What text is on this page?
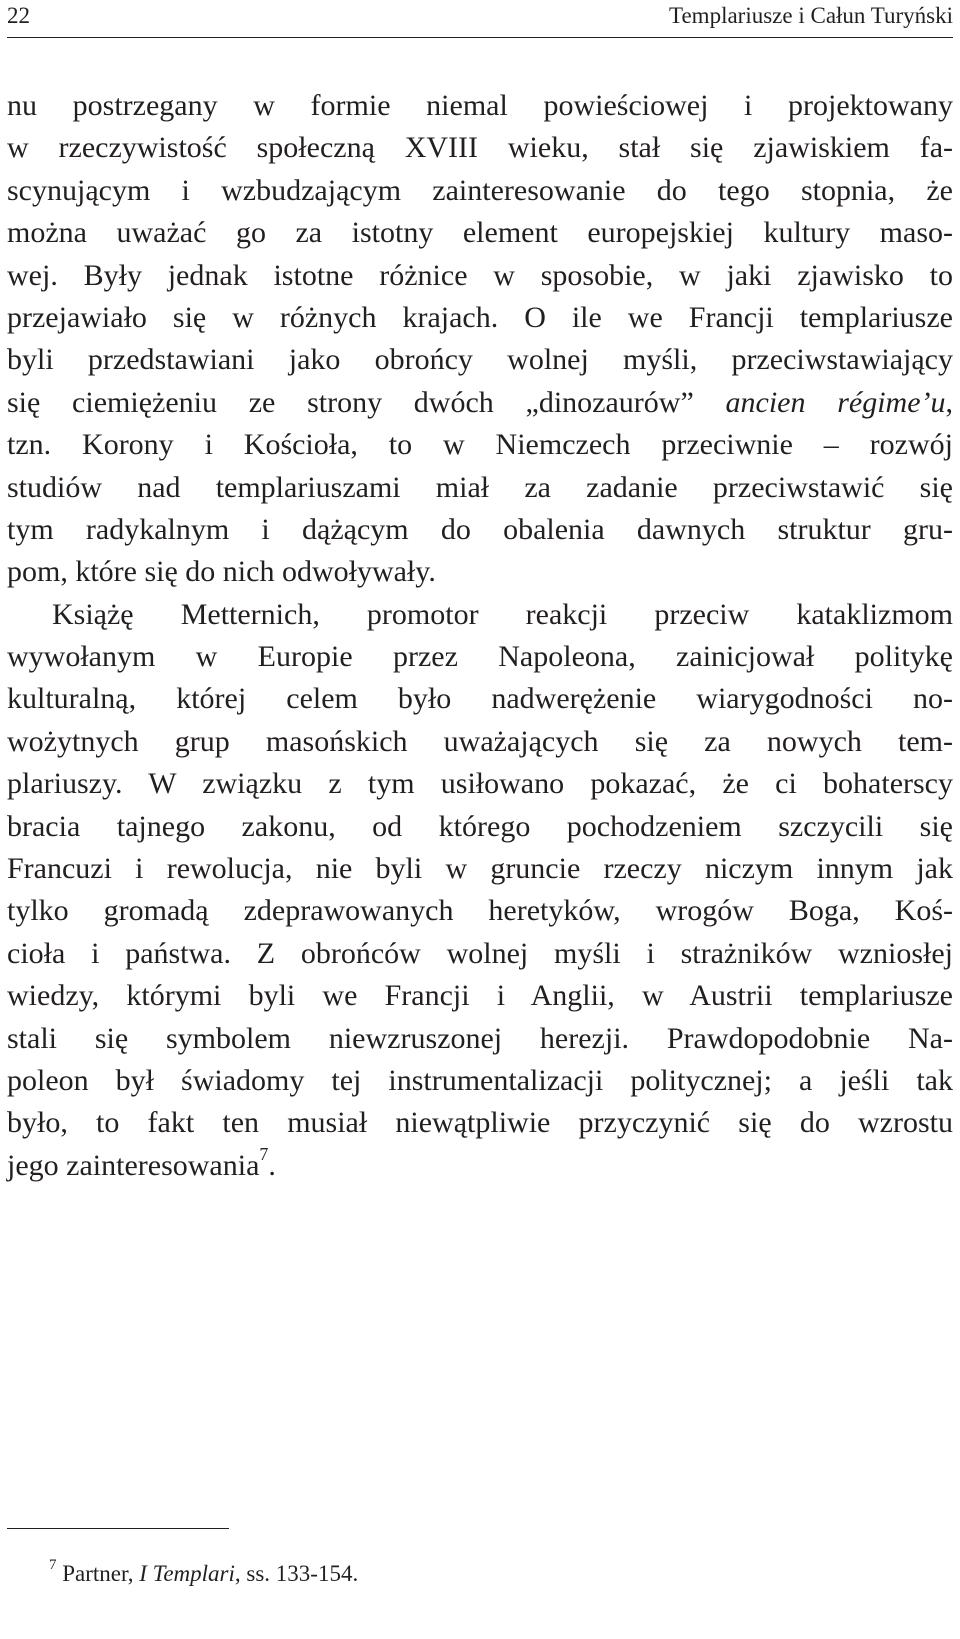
22	Templariusze i Całun Turyński
nu postrzegany w formie niemal powieściowej i projektowany
w rzeczywistość społeczną XVIII wieku, stał się zjawiskiem fa-
scynującym i wzbudzającym zainteresowanie do tego stopnia, że
można uważać go za istotny element europejskiej kultury maso-
wej. Były jednak istotne różnice w sposobie, w jaki zjawisko to
przejawiało się w różnych krajach. O ile we Francji templariusze
byli przedstawiani jako obrońcy wolnej myśli, przeciwstawiający
się ciemiężeniu ze strony dwóch „dinozaurów” ancien régime’u,
tzn. Korony i Kościoła, to w Niemczech przeciwnie – rozwój
studiów nad templariuszami miał za zadanie przeciwstawić się
tym radykalnym i dążącym do obalenia dawnych struktur gru-
pom, które się do nich odwoływały.
Książę Metternich, promotor reakcji przeciw kataklizmom
wywołanym w Europie przez Napoleona, zainicjował politykę
kulturalną, której celem było nadwerężenie wiarygodności no-
wożytnych grup masońskich uważających się za nowych tem-
plariuszy. W związku z tym usiłowano pokazać, że ci bohaterscy
bracia tajnego zakonu, od którego pochodzeniem szczycili się
Francuzi i rewolucja, nie byli w gruncie rzeczy niczym innym jak
tylko gromadą zdeprawowanych heretyków, wrogów Boga, Koś-
cioła i państwa. Z obrońców wolnej myśli i strażników wzniosłej
wiedzy, którymi byli we Francji i Anglii, w Austrii templariusze
stali się symbolem niewzruszonej herezji. Prawdopodobnie Na-
poleon był świadomy tej instrumentalizacji politycznej; a jeśli tak
było, to fakt ten musiał niewątpliwie przyczynić się do wzrostu
jego zainteresowania$^7$.
$^7$ Partner, I Templari, ss. 133-154.
